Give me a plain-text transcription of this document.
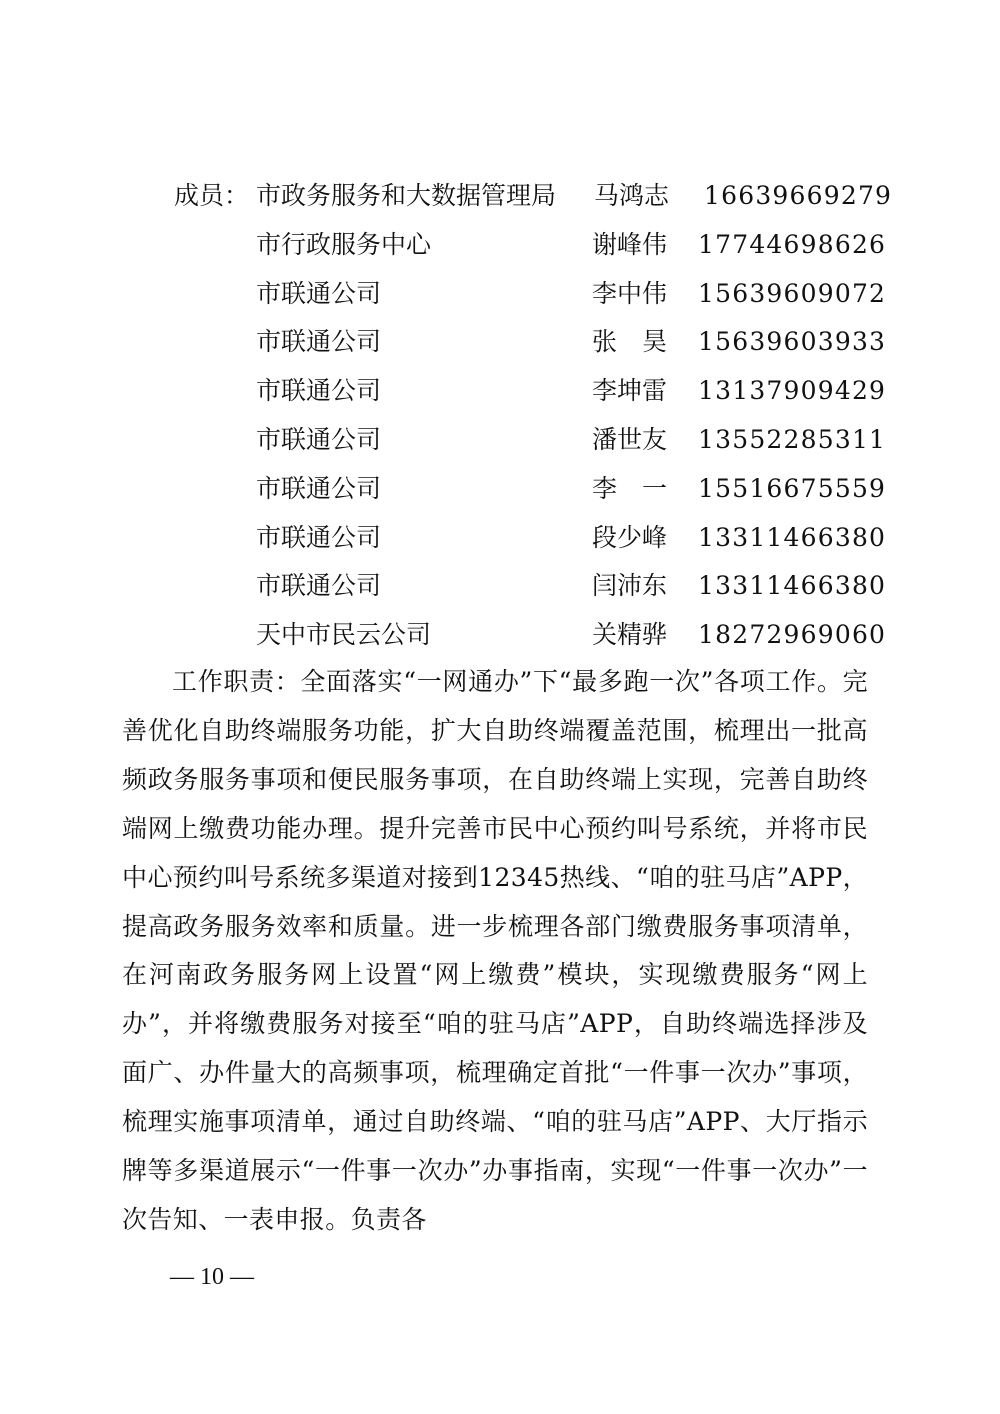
成员： 市政务服务和大数据管理局 马鸿志 16639669279
市行政服务中心	谢峰伟 17744698626
市联通公司	李中伟 15639609072
市联通公司	张　昊 15639603933
市联通公司	李坤雷 13137909429
市联通公司	潘世友 13552285311
市联通公司	李　一 15516675559
市联通公司	段少峰 13311466380
市联通公司	闫沛东 13311466380
天中市民云公司	关精骅 18272969060

工作职责：全面落实“一网通办”下“最多跑一次”各项工作。完善优化自助终端服务功能，扩大自助终端覆盖范围，梳理出一批高频政务服务事项和便民服务事项，在自助终端上实现，完善自助终端网上缴费功能办理。提升完善市民中心预约叫号系统，并将市民中心预约叫号系统多渠道对接到12345热线、“咱的驻马店”APP，提高政务服务效率和质量。进一步梳理各部门缴费服务事项清单，在河南政务服务网上设置“网上缴费”模块，实现缴费服务“网上办”，并将缴费服务对接至“咱的驻马店”APP，自助终端选择涉及面广、办件量大的高频事项，梳理确定首批“一件事一次办”事项，梳理实施事项清单，通过自助终端、“咱的驻马店”APP、大厅指示牌等多渠道展示“一件事一次办”办事指南，实现“一件事一次办”一次告知、一表申报。负责各

— 10 —
